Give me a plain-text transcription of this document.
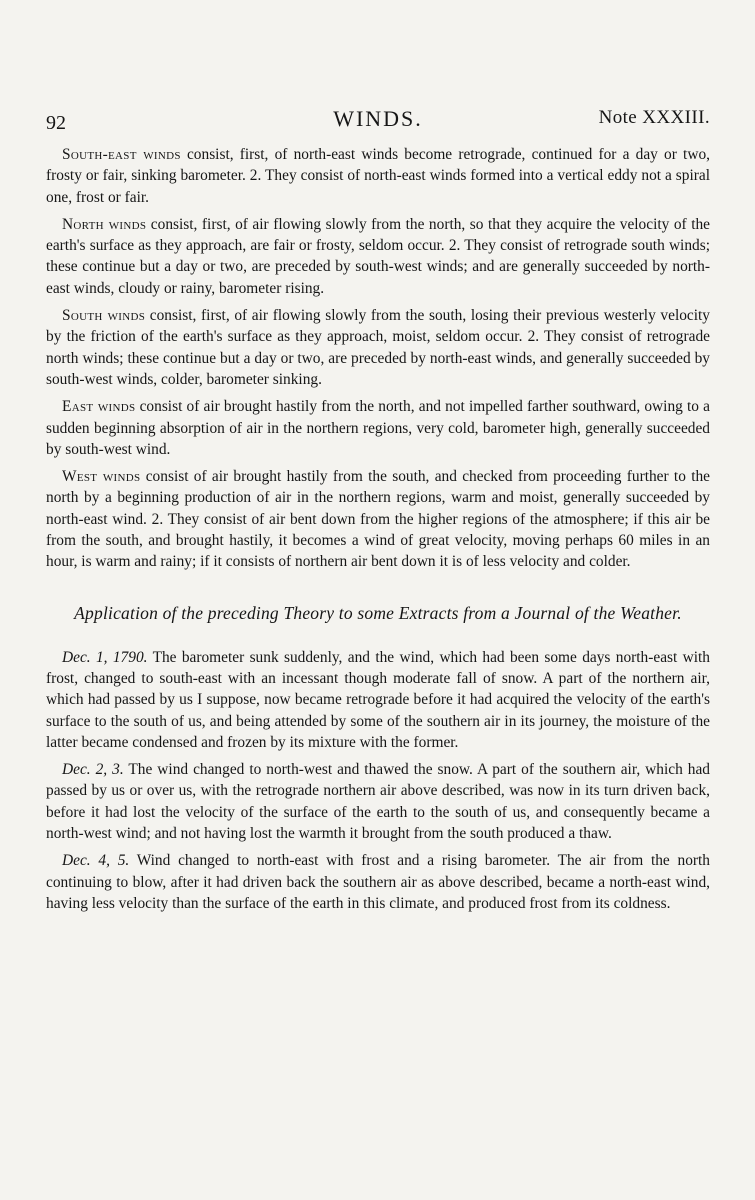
92	WINDS.	Note XXXIII.

South-east winds consist, first, of north-east winds become retrograde, continued for a day or two, frosty or fair, sinking barometer. 2. They consist of north-east winds formed into a vertical eddy not a spiral one, frost or fair.

North winds consist, first, of air flowing slowly from the north, so that they acquire the velocity of the earth's surface as they approach, are fair or frosty, seldom occur. 2. They consist of retrograde south winds; these continue but a day or two, are preceded by south-west winds; and are generally succeeded by north-east winds, cloudy or rainy, barometer rising.

South winds consist, first, of air flowing slowly from the south, losing their previous westerly velocity by the friction of the earth's surface as they approach, moist, seldom occur. 2. They consist of retrograde north winds; these continue but a day or two, are preceded by north-east winds, and generally succeeded by south-west winds, colder, barometer sinking.

East winds consist of air brought hastily from the north, and not impelled farther southward, owing to a sudden beginning absorption of air in the northern regions, very cold, barometer high, generally succeeded by south-west wind.

West winds consist of air brought hastily from the south, and checked from proceeding further to the north by a beginning production of air in the northern regions, warm and moist, generally succeeded by north-east wind. 2. They consist of air bent down from the higher regions of the atmosphere; if this air be from the south, and brought hastily, it becomes a wind of great velocity, moving perhaps 60 miles in an hour, is warm and rainy; if it consists of northern air bent down it is of less velocity and colder.

Application of the preceding Theory to some Extracts from a Journal of the Weather.

Dec. 1, 1790. The barometer sunk suddenly, and the wind, which had been some days north-east with frost, changed to south-east with an incessant though moderate fall of snow. A part of the northern air, which had passed by us I suppose, now became retrograde before it had acquired the velocity of the earth's surface to the south of us, and being attended by some of the southern air in its journey, the moisture of the latter became condensed and frozen by its mixture with the former.

Dec. 2, 3. The wind changed to north-west and thawed the snow. A part of the southern air, which had passed by us or over us, with the retrograde northern air above described, was now in its turn driven back, before it had lost the velocity of the surface of the earth to the south of us, and consequently became a north-west wind; and not having lost the warmth it brought from the south produced a thaw.

Dec. 4, 5. Wind changed to north-east with frost and a rising barometer. The air from the north continuing to blow, after it had driven back the southern air as above described, became a north-east wind, having less velocity than the surface of the earth in this climate, and produced frost from its coldness.
